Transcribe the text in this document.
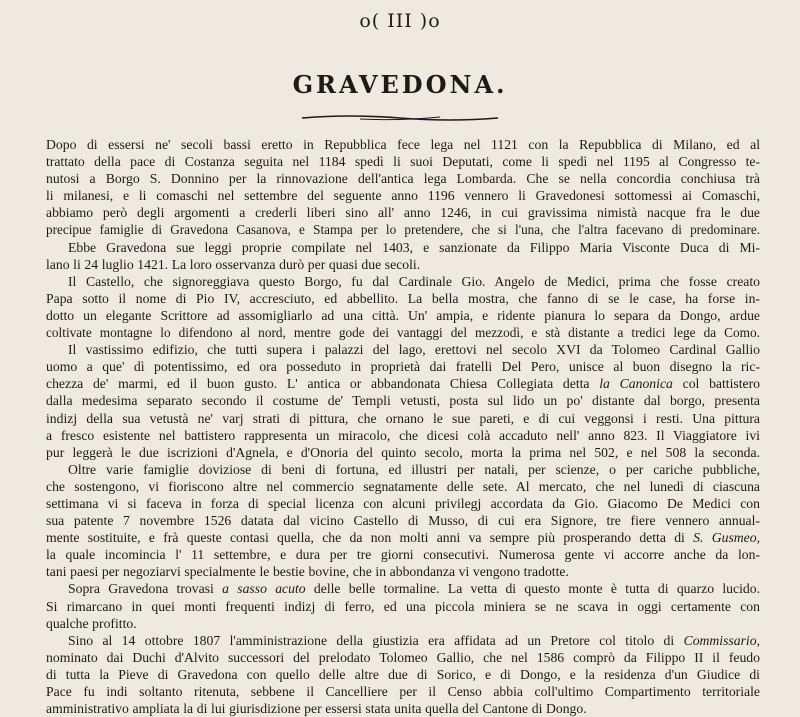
o( III )o
GRAVEDONA.
Dopo di essersi ne' secoli bassi eretto in Repubblica fece lega nel 1121 con la Repubblica di Milano, ed al
trattato della pace di Costanza seguita nel 1184 spedì li suoi Deputati, come li spedì nel 1195 al Congresso te-
nutosi a Borgo S. Donnino per la rinnovazione dell'antica lega Lombarda. Che se nella concordia conchiusa trà
li milanesi, e li comaschi nel settembre del seguente anno 1196 vennero li Gravedonesi sottomessi ai Comaschi,
abbiamo però degli argomenti a crederli liberi sino all' anno 1246, in cui gravissima nimistà nacque fra le due
precipue famiglie di Gravedona Casanova, e Stampa per lo pretendere, che si l'una, che l'altra facevano di predominare.
Ebbe Gravedona sue leggi proprie compilate nel 1403, e sanzionate da Filippo Maria Visconte Duca di Mi-
lano li 24 luglio 1421. La loro osservanza durò per quasi due secoli.
Il Castello, che signoreggiava questo Borgo, fu dal Cardinale Gio. Angelo de Medici, prima che fosse creato
Papa sotto il nome di Pio IV, accresciuto, ed abbellito. La bella mostra, che fanno di se le case, ha forse in-
dotto un elegante Scrittore ad assomigliarlo ad una città. Un' ampia, e ridente pianura lo separa da Dongo, ardue
coltivate montagne lo difendono al nord, mentre gode dei vantaggi del mezzodì, e stà distante a tredici lege da Como.
Il vastissimo edifizio, che tutti supera i palazzi del lago, erettovi nel secolo XVI da Tolomeo Cardinal Gallio
uomo a que' dì potentissimo, ed ora posseduto in proprietà dai fratelli Del Pero, unisce al buon disegno la ric-
chezza de' marmi, ed il buon gusto. L' antica or abbandonata Chiesa Collegiata detta la Canonica col battistero
dalla medesima separato secondo il costume de' Templi vetusti, posta sul lido un po' distante dal borgo, presenta
indizj della sua vetustà ne' varj strati di pittura, che ornano le sue pareti, e di cui veggonsi i resti. Una pittura
a fresco esistente nel battistero rappresenta un miracolo, che dicesi colà accaduto nell' anno 823. Il Viaggiatore ivi
pur leggerà le due iscrizioni d'Agnela, e d'Onoria del quinto secolo, morta la prima nel 502, e nel 508 la seconda.
Oltre varie famiglie doviziose di beni di fortuna, ed illustri per natali, per scienze, o per cariche pubbliche,
che sostengono, vi fioriscono altre nel commercio segnatamente delle sete. Al mercato, che nel lunedì di ciascuna
settimana vi si faceva in forza di special licenza con alcuni privilegj accordata da Gio. Giacomo De Medici con
sua patente 7 novembre 1526 datata dal vicino Castello di Musso, di cui era Signore, tre fiere vennero annual-
mente sostituite, e frà queste contasi quella, che da non molti anni va sempre più prosperando detta di S. Gusmeo,
la quale incomincia l' 11 settembre, e dura per tre giorni consecutivi. Numerosa gente vi accorre anche da lon-
tani paesi per negoziarvi specialmente le bestie bovine, che in abbondanza vi vengono tradotte.
Sopra Gravedona trovasi a sasso acuto delle belle tormaline. La vetta di questo monte è tutta di quarzo lucido.
Si rimarcano in quei monti frequenti indizj di ferro, ed una piccola miniera se ne scava in oggi certamente con
qualche profitto.
Sino al 14 ottobre 1807 l'amministrazione della giustizia era affidata ad un Pretore col titolo di Commissario,
nominato dai Duchi d'Alvito successori del prelodato Tolomeo Gallio, che nel 1586 comprò da Filippo II il feudo
di tutta la Pieve di Gravedona con quello delle altre due di Sorico, e di Dongo, e la residenza d'un Giudice di
Pace fu indi soltanto ritenuta, sebbene il Cancelliere per il Censo abbia coll'ultimo Compartimento territoriale
amministrativo ampliata la di lui giurisdizione per essersi stata unita quella del Cantone di Dongo.
